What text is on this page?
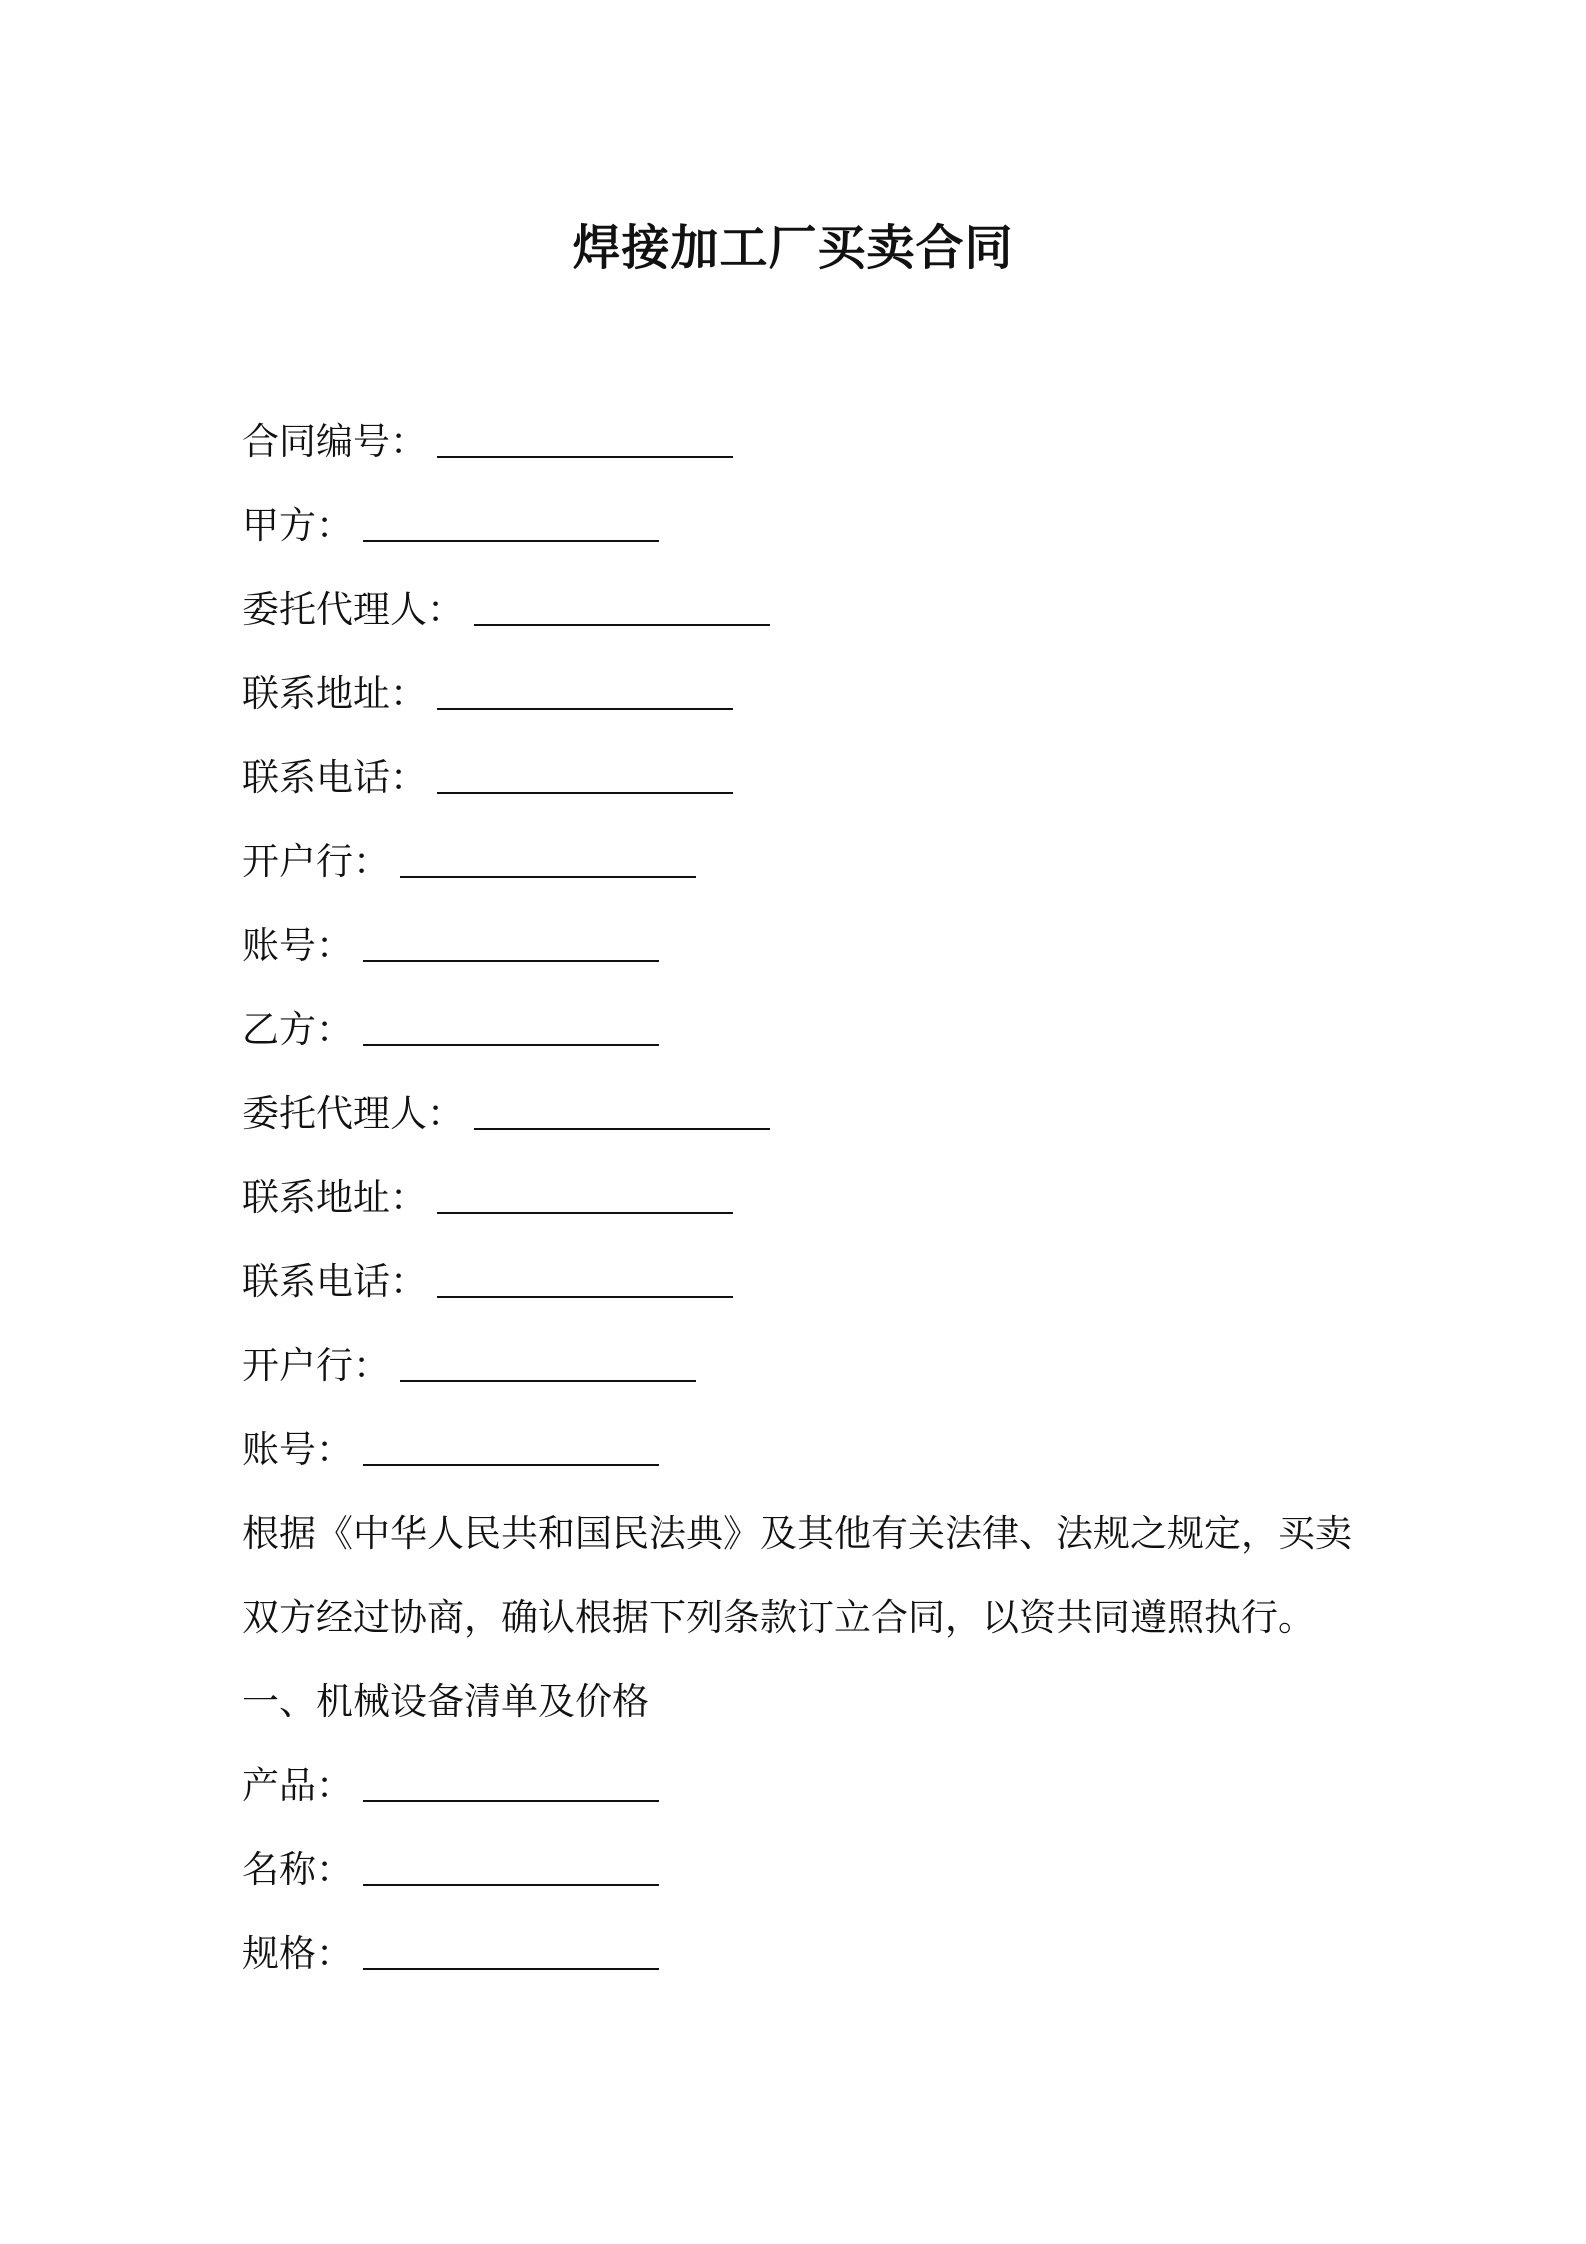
焊接加工厂买卖合同
合同编号：
甲方：
委托代理人：
联系地址：
联系电话：
开户行：
账号：
乙方：
委托代理人：
联系地址：
联系电话：
开户行：
账号：
根据《中华人民共和国民法典》及其他有关法律、法规之规定，买卖
双方经过协商，确认根据下列条款订立合同，以资共同遵照执行。
一、机械设备清单及价格
产品：
名称：
规格：
